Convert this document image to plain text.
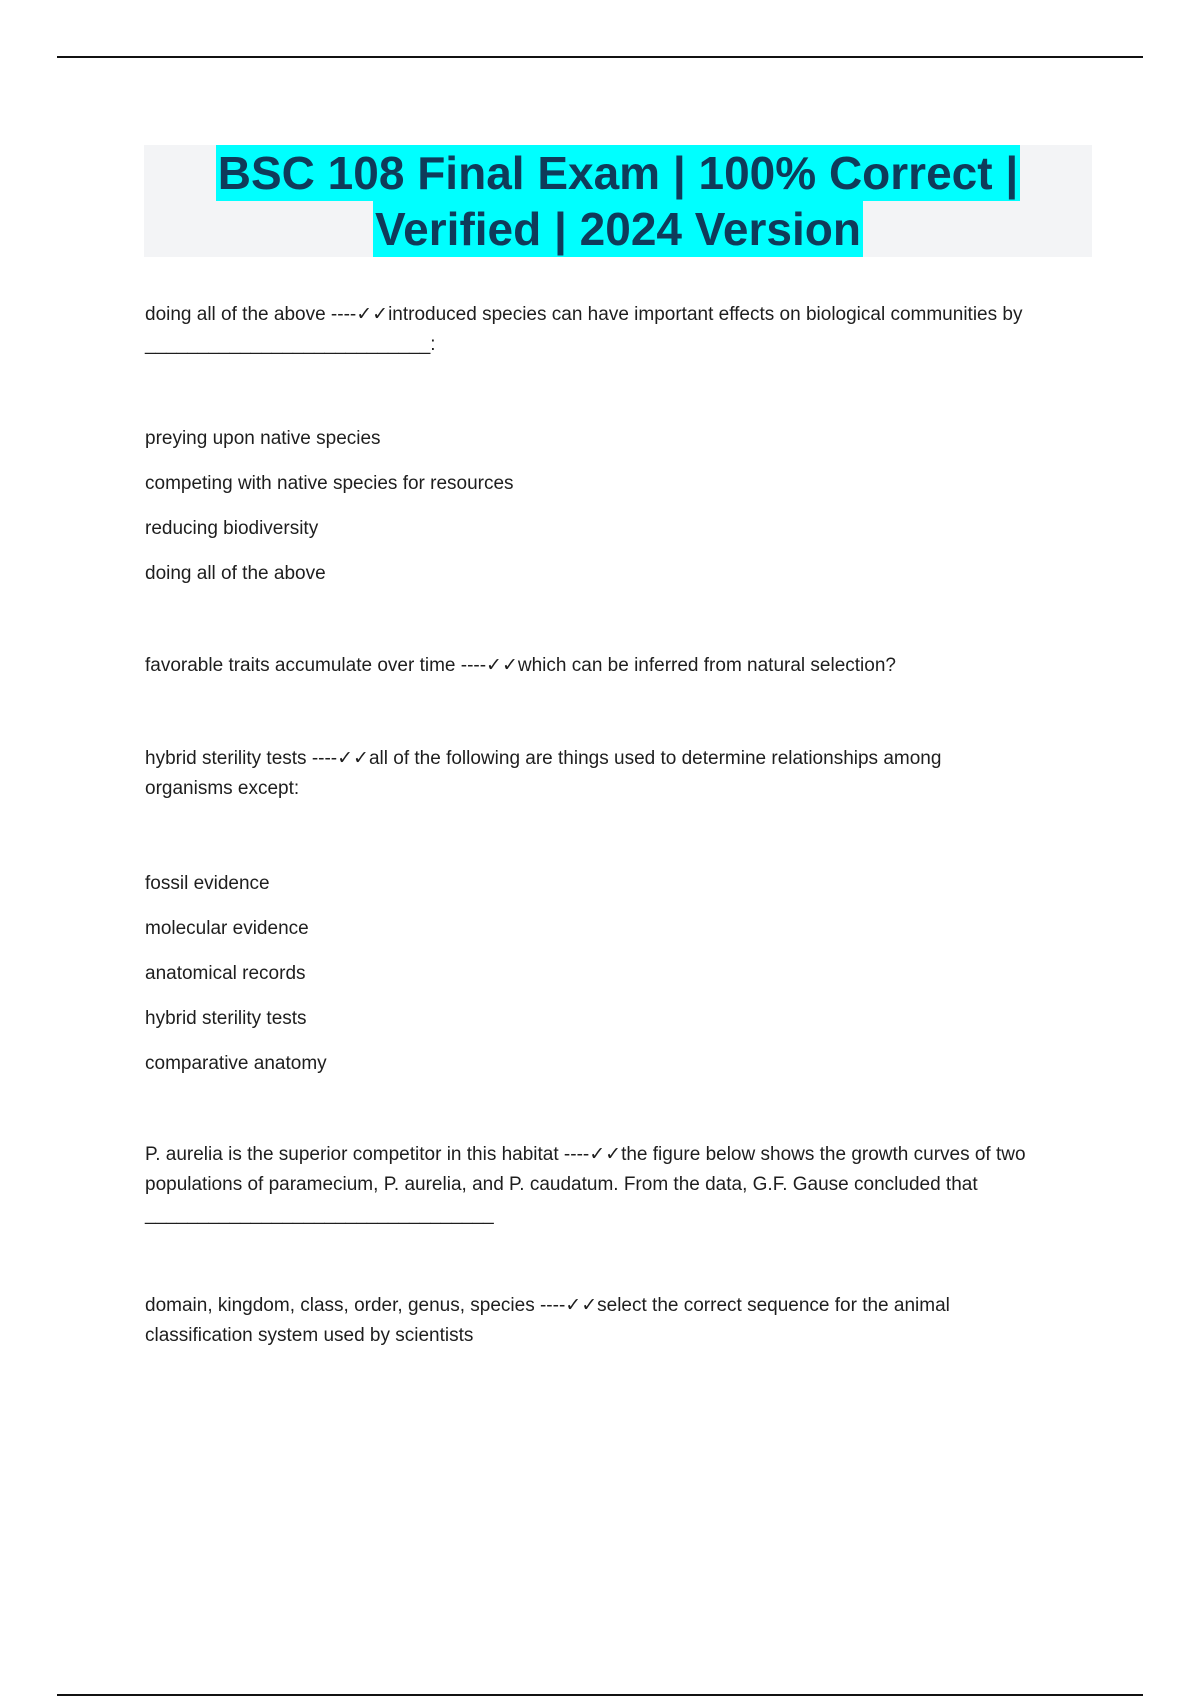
BSC 108 Final Exam | 100% Correct |
Verified | 2024 Version

doing all of the above ----✓✓introduced species can have important effects on biological communities by

___________________________:

preying upon native species
competing with native species for resources
reducing biodiversity
doing all of the above

favorable traits accumulate over time ----✓✓which can be inferred from natural selection?

hybrid sterility tests ----✓✓all of the following are things used to determine relationships among organisms except:

fossil evidence
molecular evidence
anatomical records
hybrid sterility tests
comparative anatomy

P. aurelia is the superior competitor in this habitat ----✓✓the figure below shows the growth curves of two populations of paramecium, P. aurelia, and P. caudatum. From the data, G.F. Gause concluded that

_________________________________

domain, kingdom, class, order, genus, species ----✓✓select the correct sequence for the animal classification system used by scientists
